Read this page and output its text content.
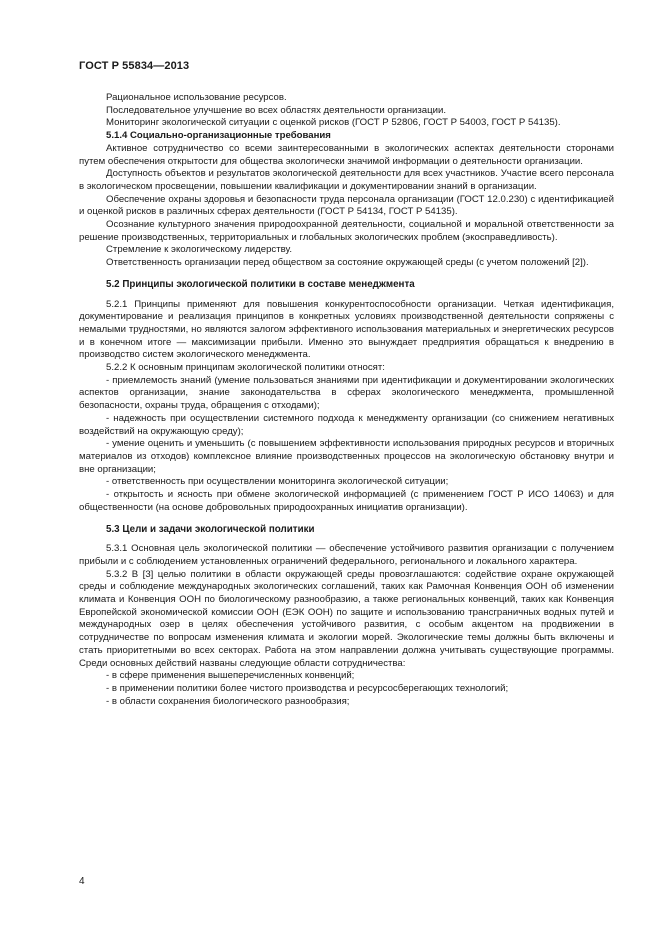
ГОСТ Р 55834—2013
Рациональное использование ресурсов.
Последовательное улучшение во всех областях деятельности организации.
Мониторинг экологической ситуации с оценкой рисков (ГОСТ Р 52806, ГОСТ Р 54003, ГОСТ Р 54135).
5.1.4 Социально-организационные требования
Активное сотрудничество со всеми заинтересованными в экологических аспектах деятельности сторонами путем обеспечения открытости для общества экологически значимой информации о деятельности организации.
Доступность объектов и результатов экологической деятельности для всех участников. Участие всего персонала в экологическом просвещении, повышении квалификации и документировании знаний в организации.
Обеспечение охраны здоровья и безопасности труда персонала организации (ГОСТ 12.0.230) с идентификацией и оценкой рисков в различных сферах деятельности (ГОСТ Р 54134, ГОСТ Р 54135).
Осознание культурного значения природоохранной деятельности, социальной и моральной ответственности за решение производственных, территориальных и глобальных экологических проблем (экосправедливость).
Стремление к экологическому лидерству.
Ответственность организации перед обществом за состояние окружающей среды (с учетом положений [2]).
5.2 Принципы экологической политики в составе менеджмента
5.2.1 Принципы применяют для повышения конкурентоспособности организации. Четкая идентификация, документирование и реализация принципов в конкретных условиях производственной деятельности сопряжены с немалыми трудностями, но являются залогом эффективного использования материальных и энергетических ресурсов и в конечном итоге — максимизации прибыли. Именно это вынуждает предприятия обращаться к внедрению в производство систем экологического менеджмента.
5.2.2 К основным принципам экологической политики относят:
- приемлемость знаний (умение пользоваться знаниями при идентификации и документировании экологических аспектов организации, знание законодательства в сферах экологического менеджмента, промышленной безопасности, охраны труда, обращения с отходами);
- надежность при осуществлении системного подхода к менеджменту организации (со снижением негативных воздействий на окружающую среду);
- умение оценить и уменьшить (с повышением эффективности использования природных ресурсов и вторичных материалов из отходов) комплексное влияние производственных процессов на экологическую обстановку внутри и вне организации;
- ответственность при осуществлении мониторинга экологической ситуации;
- открытость и ясность при обмене экологической информацией (с применением ГОСТ Р ИСО 14063) и для общественности (на основе добровольных природоохранных инициатив организации).
5.3 Цели и задачи экологической политики
5.3.1 Основная цель экологической политики — обеспечение устойчивого развития организации с получением прибыли и с соблюдением установленных ограничений федерального, регионального и локального характера.
5.3.2 В [3] целью политики в области окружающей среды провозглашаются: содействие охране окружающей среды и соблюдение международных экологических соглашений, таких как Рамочная Конвенция ООН об изменении климата и Конвенция ООН по биологическому разнообразию, а также региональных конвенций, таких как Конвенция Европейской экономической комиссии ООН (ЕЭК ООН) по защите и использованию трансграничных водных путей и международных озер в целях обеспечения устойчивого развития, с особым акцентом на продвижении в сотрудничестве по вопросам изменения климата и экологии морей. Экологические темы должны быть включены и стать приоритетными во всех секторах. Работа на этом направлении должна учитывать существующие программы. Среди основных действий названы следующие области сотрудничества:
- в сфере применения вышеперечисленных конвенций;
- в применении политики более чистого производства и ресурсосберегающих технологий;
- в области сохранения биологического разнообразия;
4
